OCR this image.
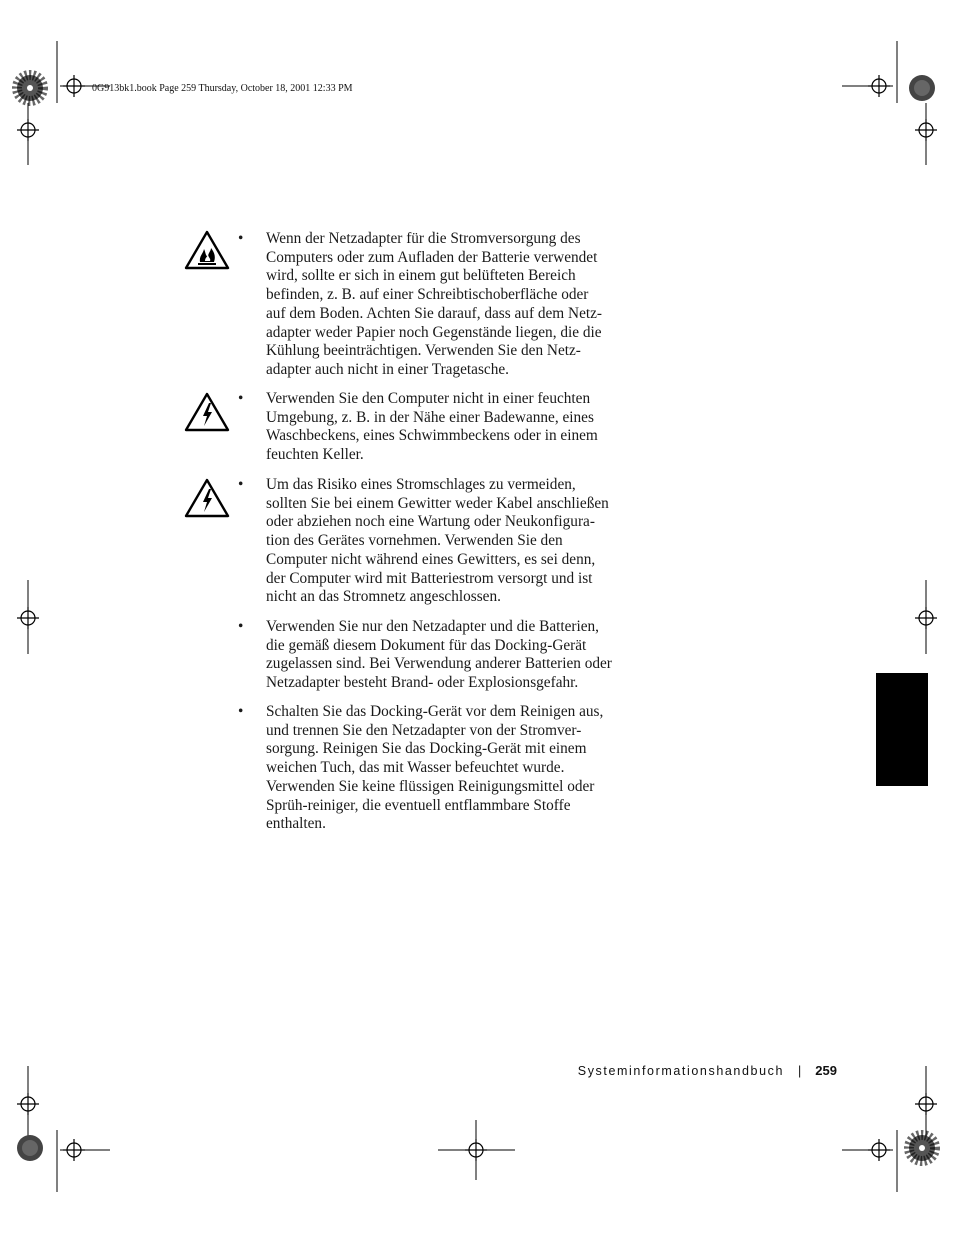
0G913bk1.book Page 259 Thursday, October 18, 2001 12:33 PM
•	Wenn der Netzadapter für die Stromversorgung des
Computers oder zum Aufladen der Batterie verwendet
wird, sollte er sich in einem gut belüfteten Bereich
befinden, z. B. auf einer Schreibtischoberfläche oder
auf dem Boden. Achten Sie darauf, dass auf dem Netz-
adapter weder Papier noch Gegenstände liegen, die die
Kühlung beeinträchtigen. Verwenden Sie den Netz-
adapter auch nicht in einer Tragetasche.
•	Verwenden Sie den Computer nicht in einer feuchten
Umgebung, z. B. in der Nähe einer Badewanne, eines
Waschbeckens, eines Schwimmbeckens oder in einem
feuchten Keller.
•	Um das Risiko eines Stromschlages zu vermeiden,
sollten Sie bei einem Gewitter weder Kabel anschließen
oder abziehen noch eine Wartung oder Neukonfigura-
tion des Gerätes vornehmen. Verwenden Sie den
Computer nicht während eines Gewitters, es sei denn,
der Computer wird mit Batteriestrom versorgt und ist
nicht an das Stromnetz angeschlossen.
•	Verwenden Sie nur den Netzadapter und die Batterien,
die gemäß diesem Dokument für das Docking-Gerät
zugelassen sind. Bei Verwendung anderer Batterien oder
Netzadapter besteht Brand- oder Explosionsgefahr.
•	Schalten Sie das Docking-Gerät vor dem Reinigen aus,
und trennen Sie den Netzadapter von der Stromver-
sorgung. Reinigen Sie das Docking-Gerät mit einem
weichen Tuch, das mit Wasser befeuchtet wurde.
Verwenden Sie keine flüssigen Reinigungsmittel oder
Sprüh-reiniger, die eventuell entflammbare Stoffe
enthalten.
Systeminformationshandbuch | 259
